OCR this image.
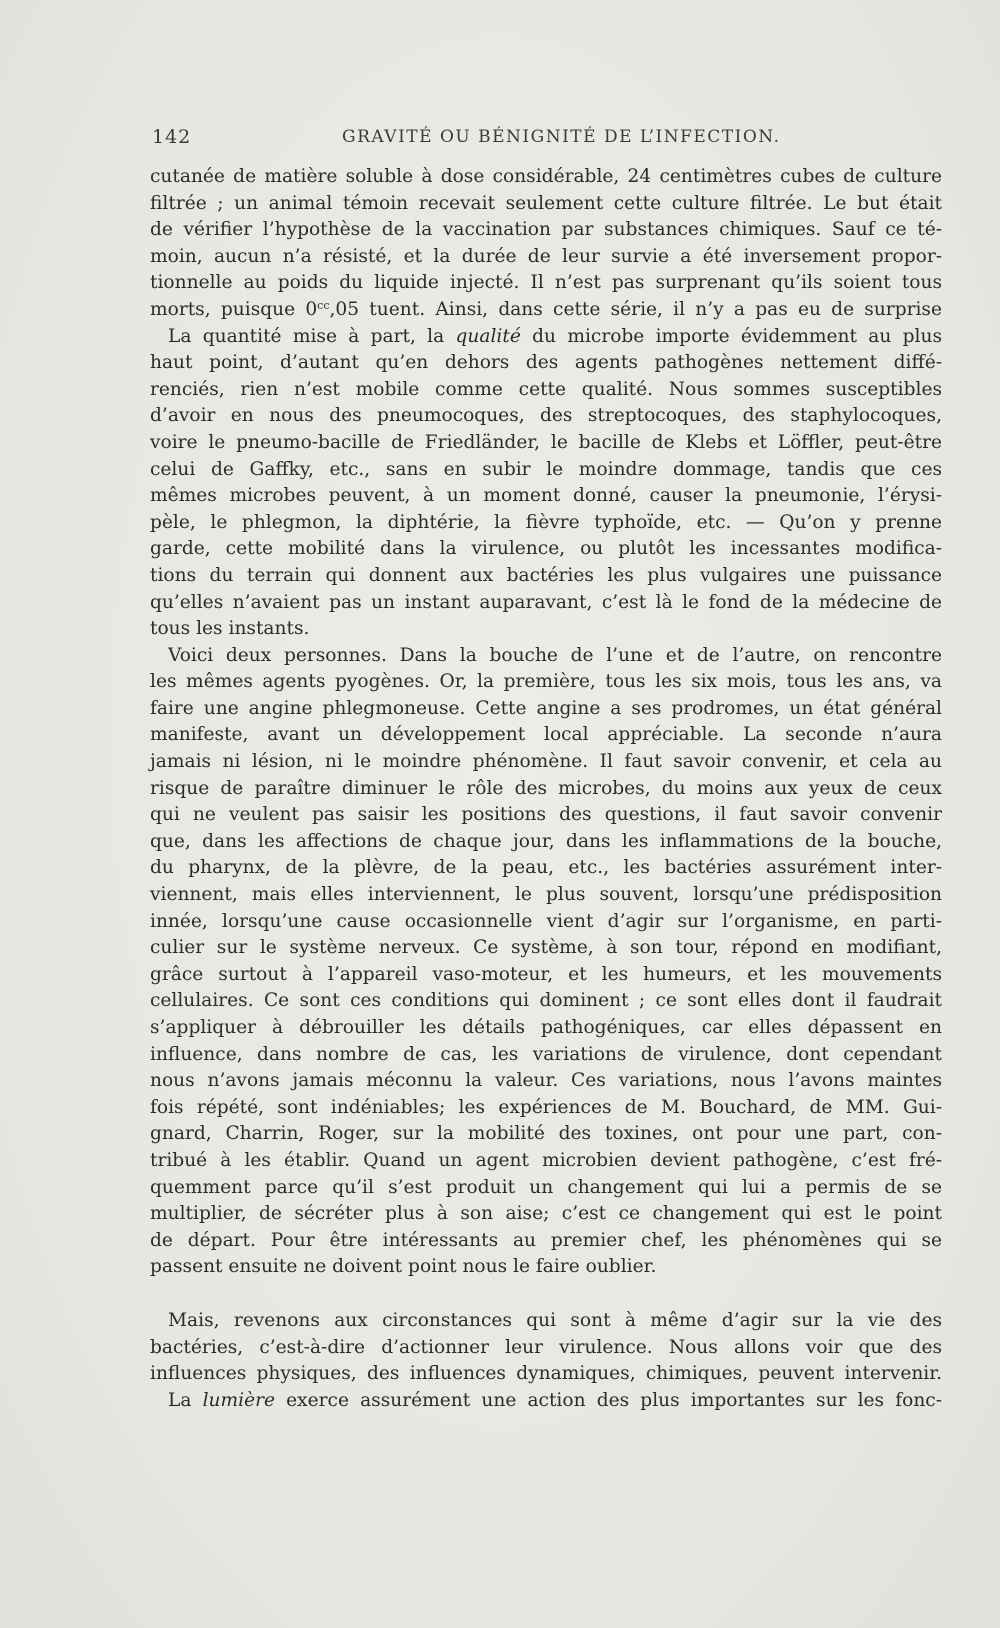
142	GRAVITÉ OU BÉNIGNITÉ DE L’INFECTION.
cutanée de matière soluble à dose considérable, 24 centimètres cubes de culture
filtrée ; un animal témoin recevait seulement cette culture filtrée. Le but était
de vérifier l’hypothèse de la vaccination par substances chimiques. Sauf ce té-
moin, aucun n’a résisté, et la durée de leur survie a été inversement propor-
tionnelle au poids du liquide injecté. Il n’est pas surprenant qu’ils soient tous
morts, puisque $0^{cc},05$ tuent. Ainsi, dans cette série, il n’y a pas eu de surprise
La quantité mise à part, la qualité du microbe importe évidemment au plus
haut point, d’autant qu’en dehors des agents pathogènes nettement diffé-
renciés, rien n’est mobile comme cette qualité. Nous sommes susceptibles
d’avoir en nous des pneumocoques, des streptocoques, des staphylocoques,
voire le pneumo-bacille de Friedländer, le bacille de Klebs et Löffler, peut-être
celui de Gaffky, etc., sans en subir le moindre dommage, tandis que ces
mêmes microbes peuvent, à un moment donné, causer la pneumonie, l’érysi-
pèle, le phlegmon, la diphtérie, la fièvre typhoïde, etc. — Qu’on y prenne
garde, cette mobilité dans la virulence, ou plutôt les incessantes modifica-
tions du terrain qui donnent aux bactéries les plus vulgaires une puissance
qu’elles n’avaient pas un instant auparavant, c’est là le fond de la médecine de
tous les instants.
Voici deux personnes. Dans la bouche de l’une et de l’autre, on rencontre
les mêmes agents pyogènes. Or, la première, tous les six mois, tous les ans, va
faire une angine phlegmoneuse. Cette angine a ses prodromes, un état général
manifeste, avant un développement local appréciable. La seconde n’aura
jamais ni lésion, ni le moindre phénomène. Il faut savoir convenir, et cela au
risque de paraître diminuer le rôle des microbes, du moins aux yeux de ceux
qui ne veulent pas saisir les positions des questions, il faut savoir convenir
que, dans les affections de chaque jour, dans les inflammations de la bouche,
du pharynx, de la plèvre, de la peau, etc., les bactéries assurément inter-
viennent, mais elles interviennent, le plus souvent, lorsqu’une prédisposition
innée, lorsqu’une cause occasionnelle vient d’agir sur l’organisme, en parti-
culier sur le système nerveux. Ce système, à son tour, répond en modifiant,
grâce surtout à l’appareil vaso-moteur, et les humeurs, et les mouvements
cellulaires. Ce sont ces conditions qui dominent ; ce sont elles dont il faudrait
s’appliquer à débrouiller les détails pathogéniques, car elles dépassent en
influence, dans nombre de cas, les variations de virulence, dont cependant
nous n’avons jamais méconnu la valeur. Ces variations, nous l’avons maintes
fois répété, sont indéniables; les expériences de M. Bouchard, de MM. Gui-
gnard, Charrin, Roger, sur la mobilité des toxines, ont pour une part, con-
tribué à les établir. Quand un agent microbien devient pathogène, c’est fré-
quemment parce qu’il s’est produit un changement qui lui a permis de se
multiplier, de sécréter plus à son aise; c’est ce changement qui est le point
de départ. Pour être intéressants au premier chef, les phénomènes qui se
passent ensuite ne doivent point nous le faire oublier.
Mais, revenons aux circonstances qui sont à même d’agir sur la vie des
bactéries, c’est-à-dire d’actionner leur virulence. Nous allons voir que des
influences physiques, des influences dynamiques, chimiques, peuvent intervenir.
La lumière exerce assurément une action des plus importantes sur les fonc-
